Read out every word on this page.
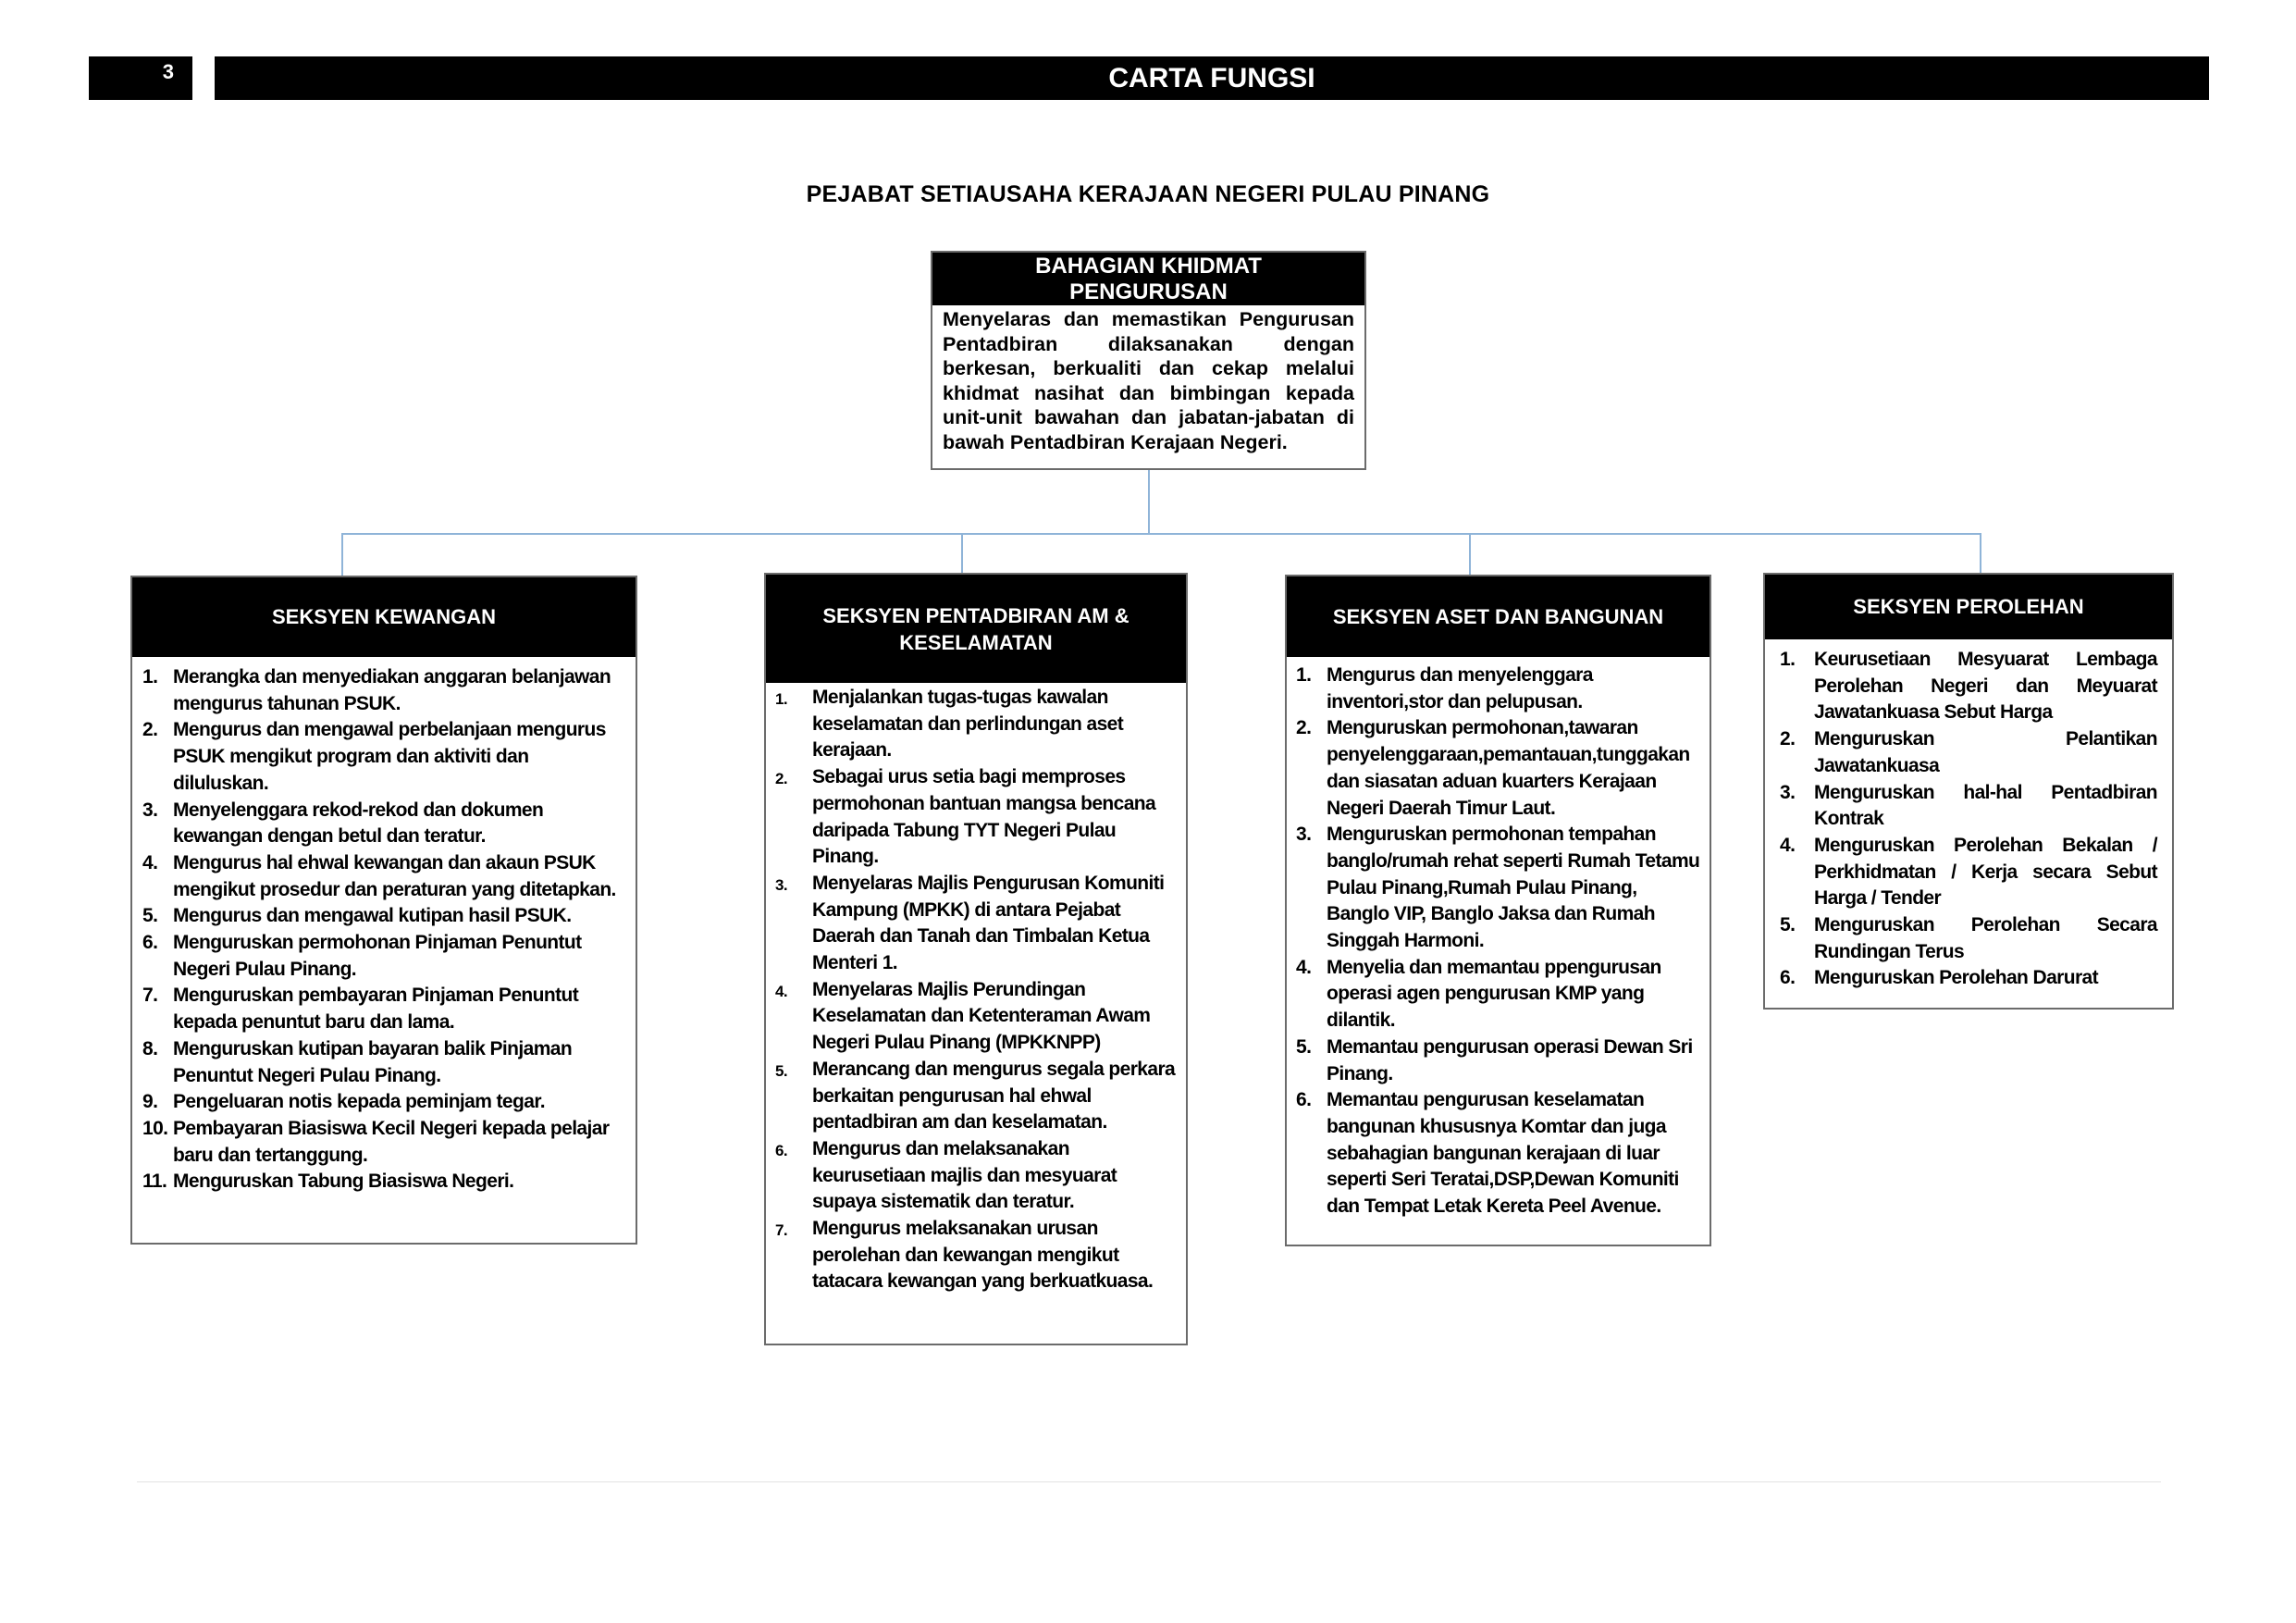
3	CARTA FUNGSI
PEJABAT SETIAUSAHA KERAJAAN NEGERI PULAU PINANG
BAHAGIAN KHIDMAT PENGURUSAN
Menyelaras dan memastikan Pengurusan Pentadbiran dilaksanakan dengan berkesan, berkualiti dan cekap melalui khidmat nasihat dan bimbingan kepada unit-unit bawahan dan jabatan-jabatan di bawah Pentadbiran Kerajaan Negeri.
SEKSYEN KEWANGAN
1. Merangka dan menyediakan anggaran belanjawan mengurus tahunan PSUK.
2. Mengurus dan mengawal perbelanjaan mengurus PSUK mengikut program dan aktiviti dan diluluskan.
3. Menyelenggara rekod-rekod dan dokumen kewangan dengan betul dan teratur.
4. Mengurus hal ehwal kewangan dan akaun PSUK mengikut prosedur dan peraturan yang ditetapkan.
5. Mengurus dan mengawal kutipan hasil PSUK.
6. Menguruskan permohonan Pinjaman Penuntut Negeri Pulau Pinang.
7. Menguruskan pembayaran Pinjaman Penuntut kepada penuntut baru dan lama.
8. Menguruskan kutipan bayaran balik Pinjaman Penuntut Negeri Pulau Pinang.
9. Pengeluaran notis kepada peminjam tegar.
10. Pembayaran Biasiswa Kecil Negeri kepada pelajar baru dan tertanggung.
11. Menguruskan Tabung Biasiswa Negeri.
SEKSYEN PENTADBIRAN AM & KESELAMATAN
1. Menjalankan tugas-tugas kawalan keselamatan dan perlindungan aset kerajaan.
2. Sebagai urus setia bagi memproses permohonan bantuan mangsa bencana daripada Tabung TYT Negeri Pulau Pinang.
3. Menyelaras Majlis Pengurusan Komuniti Kampung (MPKK) di antara Pejabat Daerah dan Tanah dan Timbalan Ketua Menteri 1.
4. Menyelaras Majlis Perundingan Keselamatan dan Ketenteraman Awam Negeri Pulau Pinang (MPKKNPP)
5. Merancang dan mengurus segala perkara berkaitan pengurusan hal ehwal pentadbiran am dan keselamatan.
6. Mengurus dan melaksanakan keurusetiaan majlis dan mesyuarat supaya sistematik dan teratur.
7. Mengurus melaksanakan urusan perolehan dan kewangan mengikut tatacara kewangan yang berkuatkuasa.
SEKSYEN ASET DAN BANGUNAN
1. Mengurus dan menyelenggara inventori,stor dan pelupusan.
2. Menguruskan permohonan,tawaran penyelenggaraan,pemantauan,tunggakan dan siasatan aduan kuarters Kerajaan Negeri Daerah Timur Laut.
3. Menguruskan permohonan tempahan banglo/rumah rehat seperti Rumah Tetamu Pulau Pinang,Rumah Pulau Pinang, Banglo VIP, Banglo Jaksa dan Rumah Singgah Harmoni.
4. Menyelia dan memantau ppengurusan operasi agen pengurusan KMP yang dilantik.
5. Memantau pengurusan operasi Dewan Sri Pinang.
6. Memantau pengurusan keselamatan bangunan khususnya Komtar dan juga sebahagian bangunan kerajaan di luar seperti Seri Teratai,DSP,Dewan Komuniti dan Tempat Letak Kereta Peel Avenue.
SEKSYEN PEROLEHAN
1. Keurusetiaan Mesyuarat Lembaga Perolehan Negeri dan Meyuarat Jawatankuasa Sebut Harga
2. Menguruskan Pelantikan Jawatankuasa
3. Menguruskan hal-hal Pentadbiran Kontrak
4. Menguruskan Perolehan Bekalan / Perkhidmatan / Kerja secara Sebut Harga / Tender
5. Menguruskan Perolehan Secara Rundingan Terus
6. Menguruskan Perolehan Darurat
